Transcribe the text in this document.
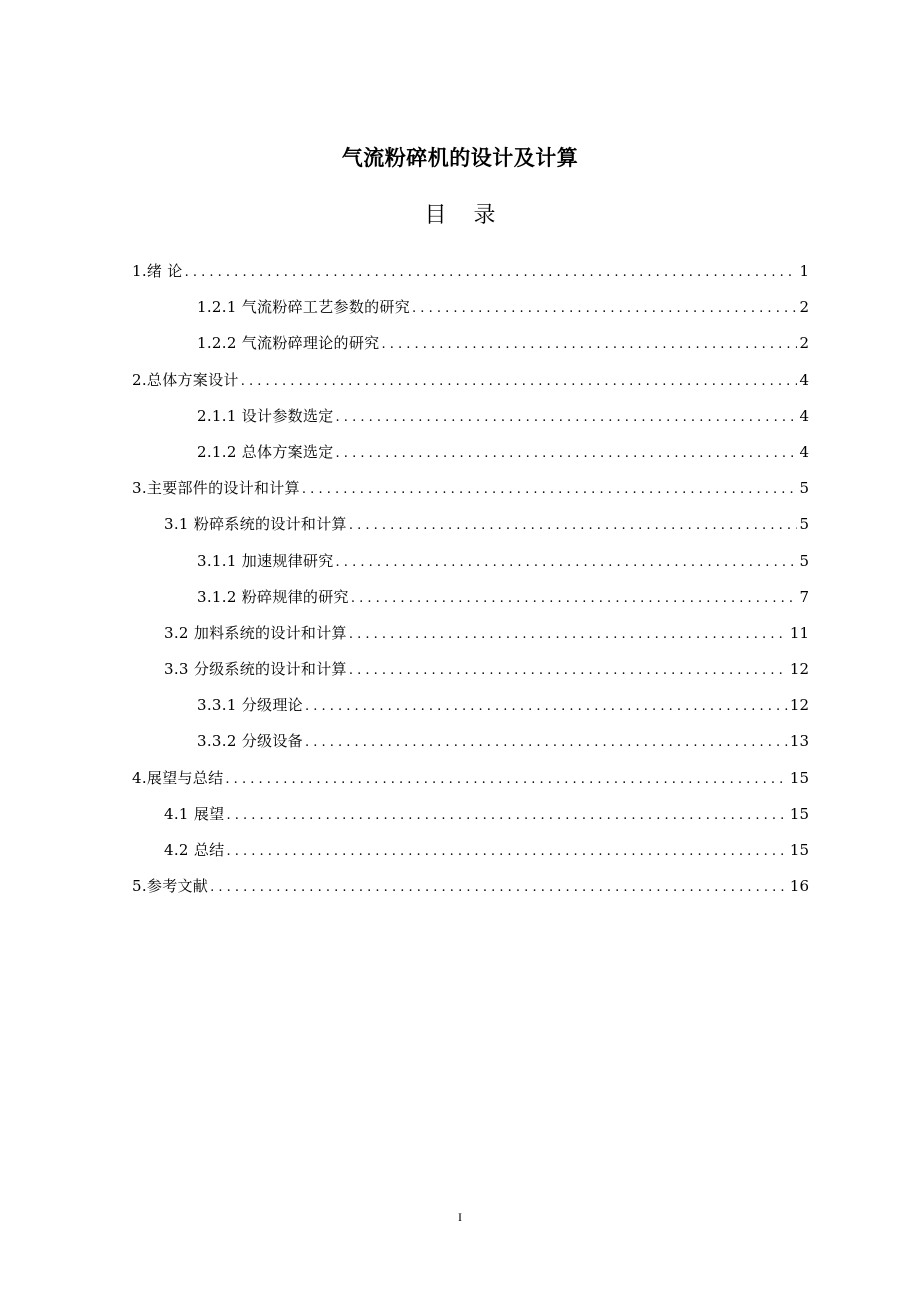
气流粉碎机的设计及计算
目 录
1.绪 论 . . .	1
1.2.1 气流粉碎工艺参数的研究 . . .	2
1.2.2 气流粉碎理论的研究 . . .	2
2.总体方案设计 . . .	4
2.1.1 设计参数选定 . . .	4
2.1.2 总体方案选定 . . .	4
3.主要部件的设计和计算 . . .	5
3.1 粉碎系统的设计和计算 . . .	5
3.1.1 加速规律研究 . . .	5
3.1.2 粉碎规律的研究 . . .	7
3.2 加料系统的设计和计算 . . .	11
3.3 分级系统的设计和计算 . . .	12
3.3.1 分级理论 . . .	12
3.3.2 分级设备 . . .	13
4.展望与总结 . . .	15
4.1 展望 . . .	15
4.2 总结 . . .	15
5.参考文献 . . .	16
I
